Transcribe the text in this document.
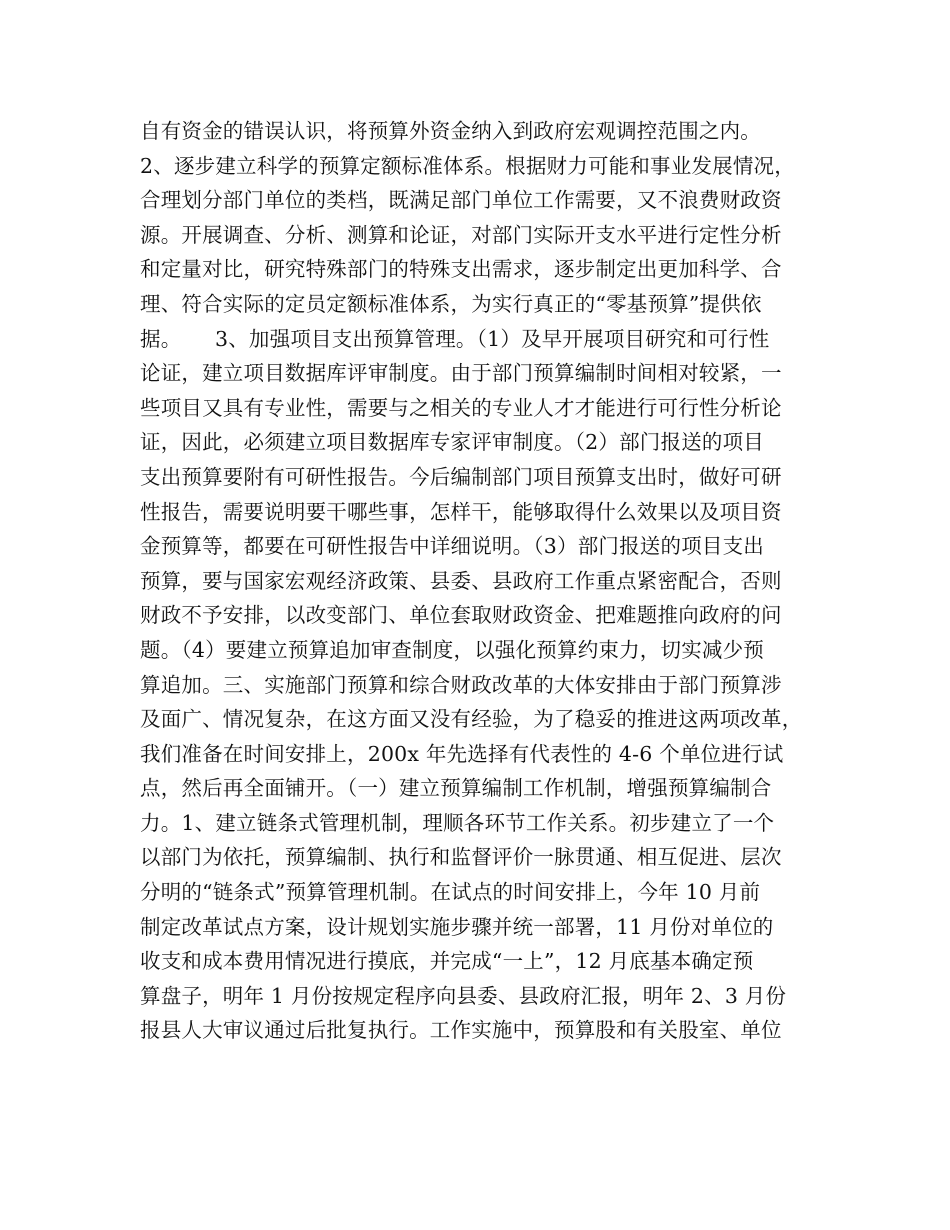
自有资金的错误认识，将预算外资金纳入到政府宏观调控范围之内。
2、逐步建立科学的预算定额标准体系。根据财力可能和事业发展情况，
合理划分部门单位的类档，既满足部门单位工作需要，又不浪费财政资
源。开展调查、分析、测算和论证，对部门实际开支水平进行定性分析
和定量对比，研究特殊部门的特殊支出需求，逐步制定出更加科学、合
理、符合实际的定员定额标准体系，为实行真正的“零基预算”提供依
据。     3、加强项目支出预算管理。（1）及早开展项目研究和可行性
论证，建立项目数据库评审制度。由于部门预算编制时间相对较紧，一
些项目又具有专业性，需要与之相关的专业人才才能进行可行性分析论
证，因此，必须建立项目数据库专家评审制度。（2）部门报送的项目
支出预算要附有可研性报告。今后编制部门项目预算支出时，做好可研
性报告，需要说明要干哪些事，怎样干，能够取得什么效果以及项目资
金预算等，都要在可研性报告中详细说明。（3）部门报送的项目支出
预算，要与国家宏观经济政策、县委、县政府工作重点紧密配合，否则
财政不予安排，以改变部门、单位套取财政资金、把难题推向政府的问
题。（4）要建立预算追加审查制度，以强化预算约束力，切实减少预
算追加。三、实施部门预算和综合财政改革的大体安排由于部门预算涉
及面广、情况复杂，在这方面又没有经验，为了稳妥的推进这两项改革，
我们准备在时间安排上，200x 年先选择有代表性的 4-6 个单位进行试
点，然后再全面铺开。（一）建立预算编制工作机制，增强预算编制合
力。1、建立链条式管理机制，理顺各环节工作关系。初步建立了一个
以部门为依托，预算编制、执行和监督评价一脉贯通、相互促进、层次
分明的“链条式”预算管理机制。在试点的时间安排上，今年 10 月前
制定改革试点方案，设计规划实施步骤并统一部署，11 月份对单位的
收支和成本费用情况进行摸底，并完成“一上”，12 月底基本确定预
算盘子，明年 1 月份按规定程序向县委、县政府汇报，明年 2、3 月份
报县人大审议通过后批复执行。工作实施中，预算股和有关股室、单位
